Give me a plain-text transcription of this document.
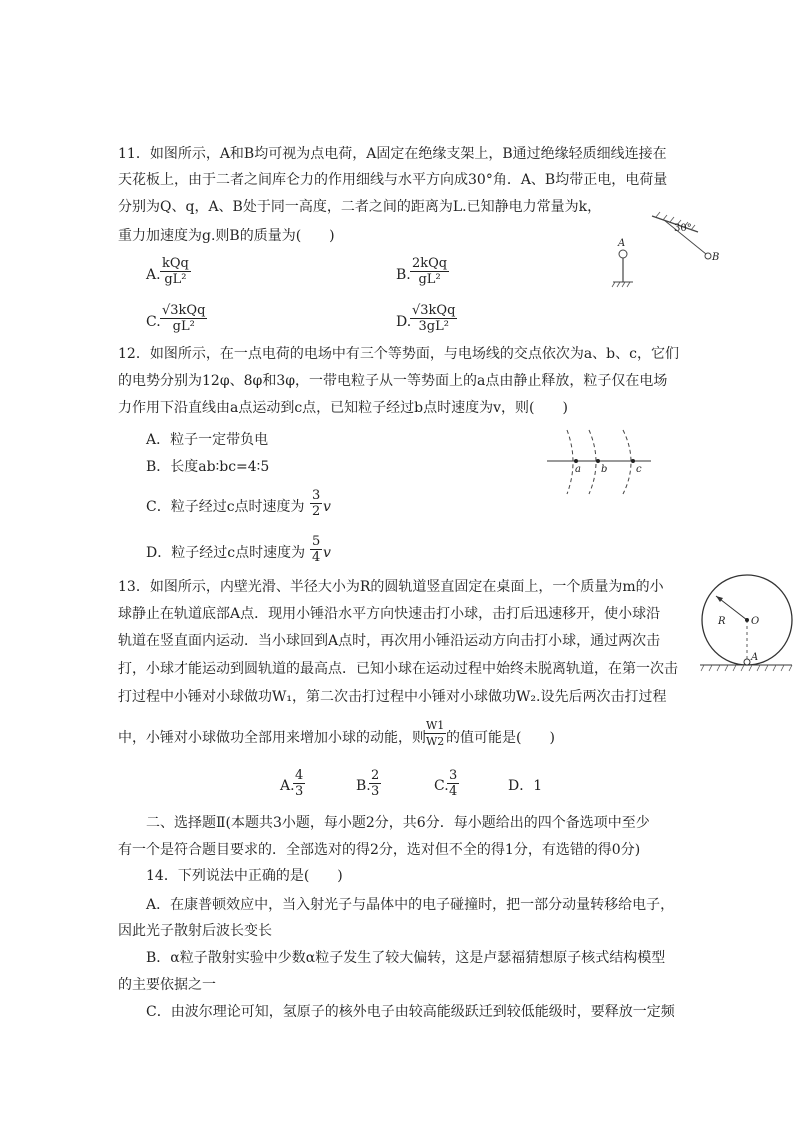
11．如图所示，A和B均可视为点电荷，A固定在绝缘支架上，B通过绝缘轻质细线连接在
天花板上，由于二者之间库仑力的作用细线与水平方向成30°角．A、B均带正电，电荷量
分别为Q、q，A、B处于同一高度，二者之间的距离为L.已知静电力常量为k，
重力加速度为g.则B的质量为(　　)
A.
kQq
gL²	B.
2kQq
gL²
C.
√3kQq
gL²	D.
√3kQq
3gL²
30°
B
A
12．如图所示，在一点电荷的电场中有三个等势面，与电场线的交点依次为a、b、c，它们
的电势分别为12φ、8φ和3φ，一带电粒子从一等势面上的a点由静止释放，粒子仅在电场
力作用下沿直线由a点运动到c点，已知粒子经过b点时速度为v，则(　　)
A．粒子一定带负电
B．长度ab∶bc=4∶5
C．粒子经过c点时速度为 $\frac{3}{2}$ v
D．粒子经过c点时速度为 $\frac{5}{4}$ v
a b	c
13．如图所示，内壁光滑、半径大小为R的圆轨道竖直固定在桌面上，一个质量为m的小
球静止在轨道底部A点．现用小锤沿水平方向快速击打小球，击打后迅速移开，使小球沿
轨道在竖直面内运动．当小球回到A点时，再次用小锤沿运动方向击打小球，通过两次击
打，小球才能运动到圆轨道的最高点．已知小球在运动过程中始终未脱离轨道，在第一次击
打过程中小锤对小球做功W₁，第二次击打过程中小锤对小球做功W₂.设先后两次击打过程
中，小锤对小球做功全部用来增加小球的动能，则
$\frac{W1}{W2}$ 的值可能是(　　)
A.
$\frac{4}{3}$	B.
$\frac{2}{3}$	C.
$\frac{3}{4}$	D．1
R	O
A
二、选择题Ⅱ(本题共3小题，每小题2分，共6分．每小题给出的四个备选项中至少
有一个是符合题目要求的．全部选对的得2分，选对但不全的得1分，有选错的得0分)
14．下列说法中正确的是(　　)
A．在康普顿效应中，当入射光子与晶体中的电子碰撞时，把一部分动量转移给电子，
因此光子散射后波长变长
B．α粒子散射实验中少数α粒子发生了较大偏转，这是卢瑟福猜想原子核式结构模型
的主要依据之一
C．由波尔理论可知，氢原子的核外电子由较高能级跃迁到较低能级时，要释放一定频
